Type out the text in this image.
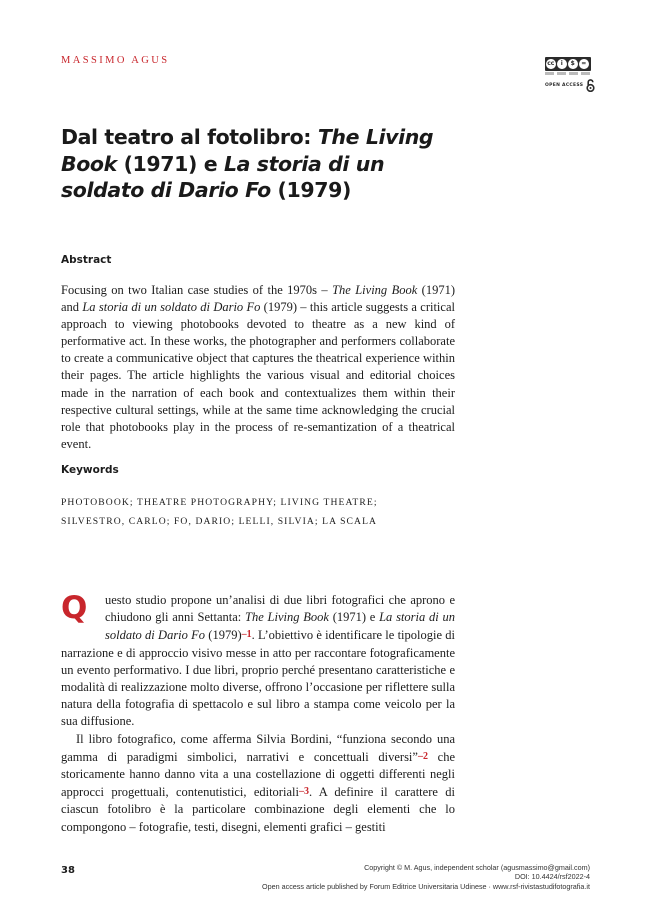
MASSIMO AGUS	cc	i	$	=
OPEN ACCESS
Dal teatro al fotolibro: The Living Book (1971) e La storia di un soldato di Dario Fo (1979)
Abstract
Focusing on two Italian case studies of the 1970s – The Living Book (1971) and La storia di un soldato di Dario Fo (1979) – this article suggests a critical approach to viewing photobooks devoted to theatre as a new kind of performative act. In these works, the photographer and performers collaborate to create a communicative object that captures the theatrical experience within their pages. The article highlights the various visual and editorial choices made in the narration of each book and contextualizes them within their respective cultural settings, while at the same time acknowledging the crucial role that photobooks play in the process of re-semantization of a theatrical event.
Keywords
PHOTOBOOK; THEATRE PHOTOGRAPHY; LIVING THEATRE;
SILVESTRO, CARLO; FO, DARIO; LELLI, SILVIA; LA SCALA
Q	uesto studio propone un’analisi di due libri fotografici che aprono e chiudono gli anni Settanta: The Living Book (1971) e La storia di un soldato di Dario Fo (1979)–1. L’obiettivo è identificare le tipologie di narrazione e di approccio visivo messe in atto per raccontare fotograficamente un evento performativo. I due libri, proprio perché presentano caratteristiche e modalità di realizzazione molto diverse, offrono l’occasione per riflettere sulla natura della fotografia di spettacolo e sul libro a stampa come veicolo per la sua diffusione.
Il libro fotografico, come afferma Silvia Bordini, “funziona secondo una gamma di paradigmi simbolici, narrativi e concettuali diversi”–2 che storicamente hanno danno vita a una costellazione di oggetti differenti negli approcci progettuali, contenutistici, editoriali–3. A definire il carattere di ciascun fotolibro è la particolare combinazione degli elementi che lo compongono – fotografie, testi, disegni, elementi grafici – gestiti
38	Copyright © M. Agus, independent scholar (agusmassimo@gmail.com)
DOI: 10.4424/rsf2022-4
Open access article published by Forum Editrice Universitaria Udinese · www.rsf-rivistastudifotografia.it
